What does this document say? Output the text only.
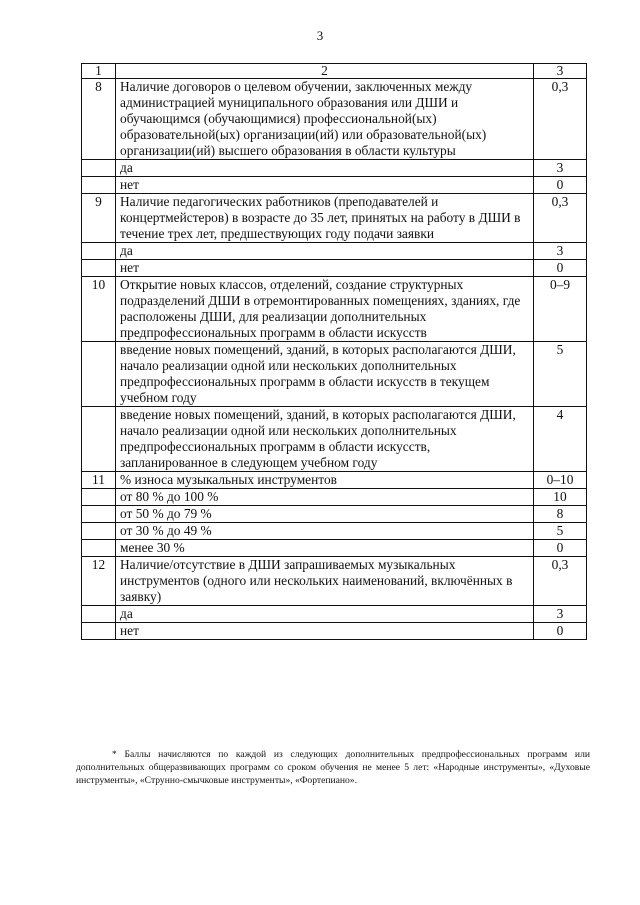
3
1	2	3
8	Наличие договоров о целевом обучении, заключенных между администрацией муниципального образования или ДШИ и обучающимся (обучающимися) профессиональной(ых) образовательной(ых) организации(ий) или образовательной(ых) организации(ий) высшего образования в области культуры	0,3
	да	3
	нет	0
9	Наличие педагогических работников (преподавателей и концертмейстеров) в возрасте до 35 лет, принятых на работу в ДШИ в течение трех лет, предшествующих году подачи заявки	0,3
	да	3
	нет	0
10	Открытие новых классов, отделений, создание структурных подразделений ДШИ в отремонтированных помещениях, зданиях, где расположены ДШИ, для реализации дополнительных предпрофессиональных программ в области искусств	0–9
	введение новых помещений, зданий, в которых располагаются ДШИ, начало реализации одной или нескольких дополнительных предпрофессиональных программ в области искусств в текущем учебном году	5
	введение новых помещений, зданий, в которых располагаются ДШИ, начало реализации одной или нескольких дополнительных предпрофессиональных программ в области искусств, запланированное в следующем учебном году	4
11	% износа музыкальных инструментов	0–10
	от 80 % до 100 %	10
	от 50 % до 79 %	8
	от 30 % до 49 %	5
	менее 30 %	0
12	Наличие/отсутствие в ДШИ запрашиваемых музыкальных инструментов (одного или нескольких наименований, включённых в заявку)	0,3
	да	3
	нет	0
* Баллы начисляются по каждой из следующих дополнительных предпрофессиональных программ или дополнительных общеразвивающих программ со сроком обучения не менее 5 лет: «Народные инструменты», «Духовые инструменты», «Струнно-смычковые инструменты», «Фортепиано».
